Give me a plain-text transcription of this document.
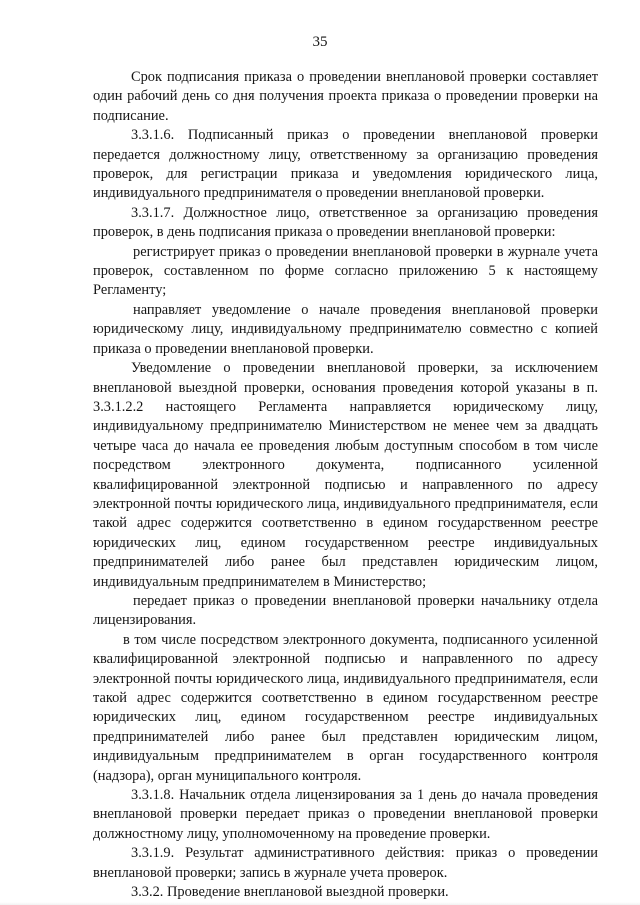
35

Срок подписания приказа о проведении внеплановой проверки составляет один рабочий день со дня получения проекта приказа о проведении проверки на подписание.

3.3.1.6. Подписанный приказ о проведении внеплановой проверки передается должностному лицу, ответственному за организацию проведения проверок, для регистрации приказа и уведомления юридического лица, индивидуального предпринимателя о проведении внеплановой проверки.

3.3.1.7. Должностное лицо, ответственное за организацию проведения проверок, в день подписания приказа о проведении внеплановой проверки:

регистрирует приказ о проведении внеплановой проверки в журнале учета проверок, составленном по форме согласно приложению 5 к настоящему Регламенту;

направляет уведомление о начале проведения внеплановой проверки юридическому лицу, индивидуальному предпринимателю совместно с копией приказа о проведении внеплановой проверки.

Уведомление о проведении внеплановой проверки, за исключением внеплановой выездной проверки, основания проведения которой указаны в п. 3.3.1.2.2 настоящего Регламента направляется юридическому лицу, индивидуальному предпринимателю Министерством не менее чем за двадцать четыре часа до начала ее проведения любым доступным способом в том числе посредством электронного документа, подписанного усиленной квалифицированной электронной подписью и направленного по адресу электронной почты юридического лица, индивидуального предпринимателя, если такой адрес содержится соответственно в едином государственном реестре юридических лиц, едином государственном реестре индивидуальных предпринимателей либо ранее был представлен юридическим лицом, индивидуальным предпринимателем в Министерство;

передает приказ о проведении внеплановой проверки начальнику отдела лицензирования.

в том числе посредством электронного документа, подписанного усиленной квалифицированной электронной подписью и направленного по адресу электронной почты юридического лица, индивидуального предпринимателя, если такой адрес содержится соответственно в едином государственном реестре юридических лиц, едином государственном реестре индивидуальных предпринимателей либо ранее был представлен юридическим лицом, индивидуальным предпринимателем в орган государственного контроля (надзора), орган муниципального контроля.

3.3.1.8. Начальник отдела лицензирования за 1 день до начала проведения внеплановой проверки передает приказ о проведении внеплановой проверки должностному лицу, уполномоченному на проведение проверки.

3.3.1.9. Результат административного действия: приказ о проведении внеплановой проверки; запись в журнале учета проверок.

3.3.2. Проведение внеплановой выездной проверки.
